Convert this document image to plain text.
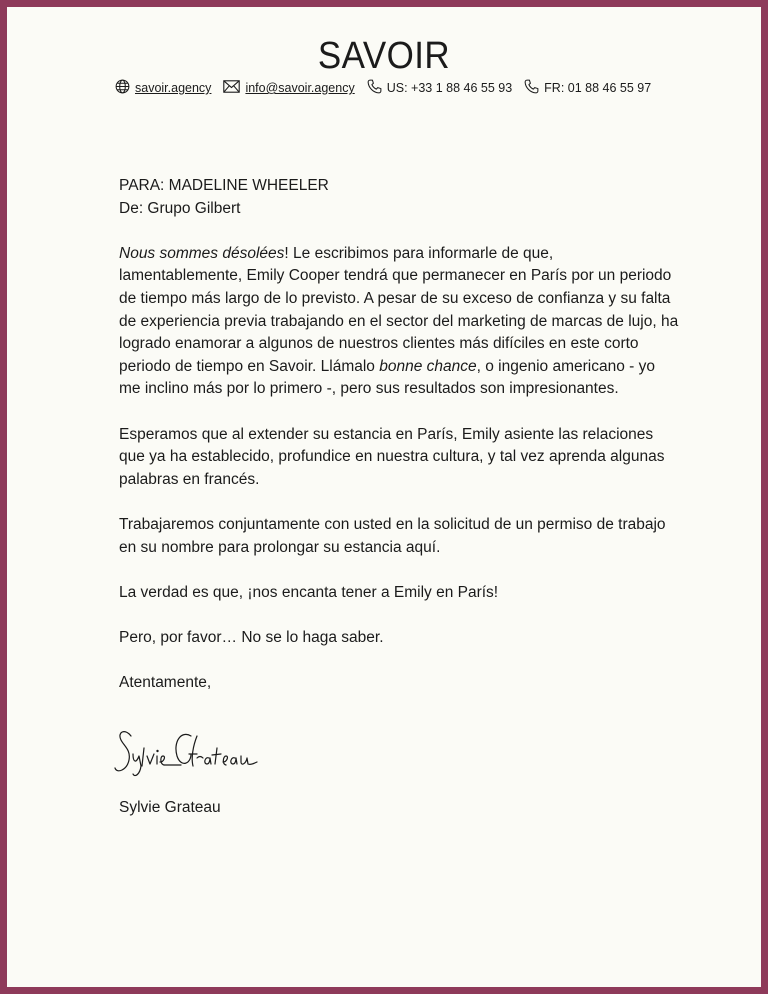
SAVOIR
savoir.agency	info@savoir.agency	US: +33 1 88 46 55 93	FR: 01 88 46 55 97

PARA: MADELINE WHEELER

De: Grupo Gilbert

Nous sommes désolées! Le escribimos para informarle de que, lamentablemente, Emily Cooper tendrá que permanecer en París por un periodo de tiempo más largo de lo previsto. A pesar de su exceso de confianza y su falta de experiencia previa trabajando en el sector del marketing de marcas de lujo, ha logrado enamorar a algunos de nuestros clientes más difíciles en este corto periodo de tiempo en Savoir. Llámalo bonne chance, o ingenio americano - yo me inclino más por lo primero -, pero sus resultados son impresionantes.

Esperamos que al extender su estancia en París, Emily asiente las relaciones que ya ha establecido, profundice en nuestra cultura, y tal vez aprenda algunas palabras en francés.

Trabajaremos conjuntamente con usted en la solicitud de un permiso de trabajo en su nombre para prolongar su estancia aquí.

La verdad es que, ¡nos encanta tener a Emily en París!

Pero, por favor… No se lo haga saber.

Atentamente,

Sylvie Grateau
